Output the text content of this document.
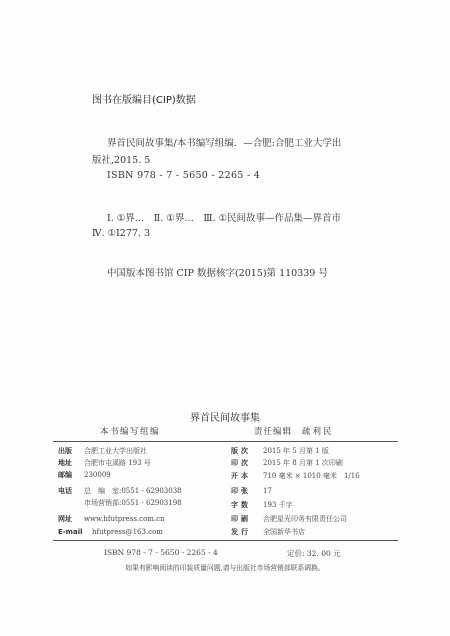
图书在版编目(CIP)数据
界首民间故事集/本书编写组编．—合肥:合肥工业大学出
版社,2015. 5
ISBN 978 - 7 - 5650 - 2265 - 4
Ⅰ. ①界…　Ⅱ. ①界…　Ⅲ. ①民间故事—作品集—界首市
Ⅳ. ①I277. 3
中国版本图书馆 CIP 数据核字(2015)第 110339 号
界首民间故事集
本书编写组编	责任编辑 疏利民
出版 合肥工业大学出版社
地址 合肥市屯溪路 193 号
邮编 230009
电话 总　编　室:0551 - 62903038
市场营销部:0551 - 62903198
网址 www.hfutpress.com.cn
E-mail hfutpress@163.com
版次 2015 年 5 月第 1 版
印次 2015 年 8 月第 1 次印刷
开本 710 毫米 × 1010 毫米　1/16
印张 17
字数 193 千字
印刷 合肥星光印务有限责任公司
发行 全国新华书店
ISBN 978 - 7 - 5650 - 2265 - 4	定价: 32. 00 元
如果有影响阅读的印装质量问题,请与出版社市场营销部联系调换。
